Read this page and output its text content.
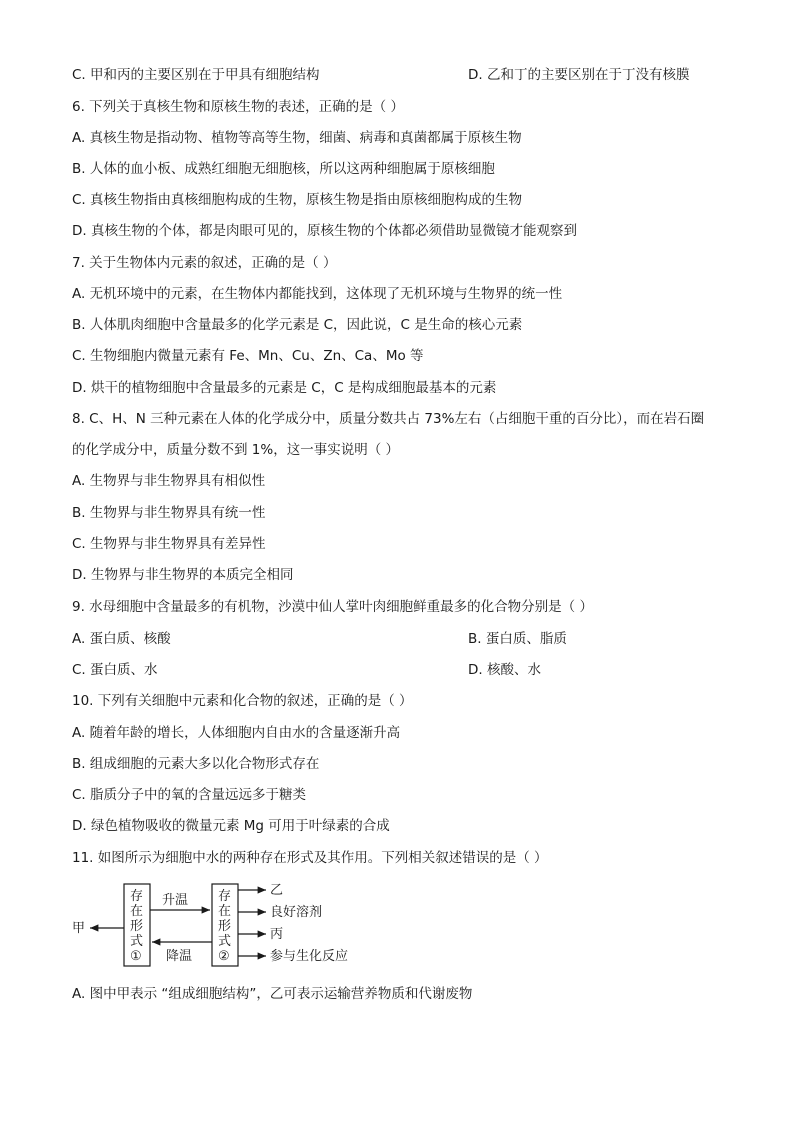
C. 甲和丙的主要区别在于甲具有细胞结构	D. 乙和丁的主要区别在于丁没有核膜
6. 下列关于真核生物和原核生物的表述，正确的是（ ）
A. 真核生物是指动物、植物等高等生物，细菌、病毒和真菌都属于原核生物
B. 人体的血小板、成熟红细胞无细胞核，所以这两种细胞属于原核细胞
C. 真核生物指由真核细胞构成的生物，原核生物是指由原核细胞构成的生物
D. 真核生物的个体，都是肉眼可见的，原核生物的个体都必须借助显微镜才能观察到
7. 关于生物体内元素的叙述，正确的是（ ）
A. 无机环境中的元素，在生物体内都能找到，这体现了无机环境与生物界的统一性
B. 人体肌肉细胞中含量最多的化学元素是 C，因此说，C 是生命的核心元素
C. 生物细胞内微量元素有 Fe、Mn、Cu、Zn、Ca、Mo 等
D. 烘干的植物细胞中含量最多的元素是 C，C 是构成细胞最基本的元素
8. C、H、N 三种元素在人体的化学成分中，质量分数共占 73%左右（占细胞干重的百分比），而在岩石圈
的化学成分中，质量分数不到 1%，这一事实说明（ ）
A. 生物界与非生物界具有相似性
B. 生物界与非生物界具有统一性
C. 生物界与非生物界具有差异性
D. 生物界与非生物界的本质完全相同
9. 水母细胞中含量最多的有机物，沙漠中仙人掌叶肉细胞鲜重最多的化合物分别是（ ）
A. 蛋白质、核酸	B. 蛋白质、脂质
C. 蛋白质、水	D. 核酸、水
10. 下列有关细胞中元素和化合物的叙述，正确的是（ ）
A. 随着年龄的增长，人体细胞内自由水的含量逐渐升高
B. 组成细胞的元素大多以化合物形式存在
C. 脂质分子中的氧的含量远远多于糖类
D. 绿色植物吸收的微量元素 Mg 可用于叶绿素的合成
11. 如图所示为细胞中水的两种存在形式及其作用。下列相关叙述错误的是（ ）
甲
存
在
形
式
①
升温
降温
存
在
形
式
②
乙
良好溶剂
丙
参与生化反应
A. 图中甲表示 “组成细胞结构”，乙可表示运输营养物质和代谢废物
